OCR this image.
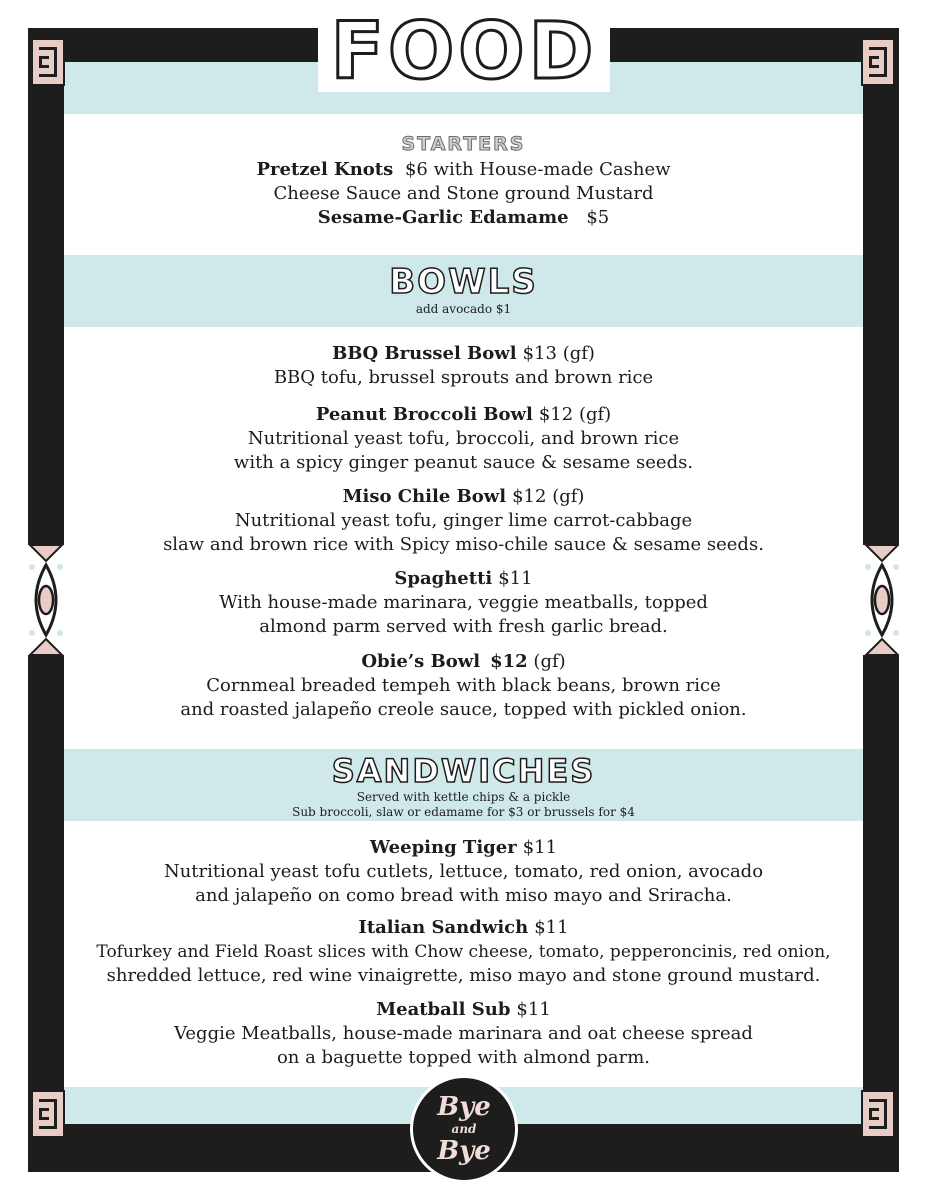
FOOD
STARTERS
Pretzel Knots $6 with House-made Cashew
Cheese Sauce and Stone ground Mustard
Sesame-Garlic Edamame $5
BOWLS
add avocado $1
BBQ Brussel Bowl $13 (gf)
BBQ tofu, brussel sprouts and brown rice
Peanut Broccoli Bowl $12 (gf)
Nutritional yeast tofu, broccoli, and brown rice
with a spicy ginger peanut sauce & sesame seeds.
Miso Chile Bowl $12 (gf)
Nutritional yeast tofu, ginger lime carrot-cabbage
slaw and brown rice with Spicy miso-chile sauce & sesame seeds.
Spaghetti $11
With house-made marinara, veggie meatballs, topped
almond parm served with fresh garlic bread.
Obie’s Bowl $12 (gf)
Cornmeal breaded tempeh with black beans, brown rice
and roasted jalapeño creole sauce, topped with pickled onion.
SANDWICHES
Served with kettle chips & a pickle
Sub broccoli, slaw or edamame for $3 or brussels for $4
Weeping Tiger $11
Nutritional yeast tofu cutlets, lettuce, tomato, red onion, avocado
and jalapeño on como bread with miso mayo and Sriracha.
Italian Sandwich $11
Tofurkey and Field Roast slices with Chow cheese, tomato, pepperoncinis, red onion,
shredded lettuce, red wine vinaigrette, miso mayo and stone ground mustard.
Meatball Sub $11
Veggie Meatballs, house-made marinara and oat cheese spread
on a baguette topped with almond parm.
Bye
and
Bye
